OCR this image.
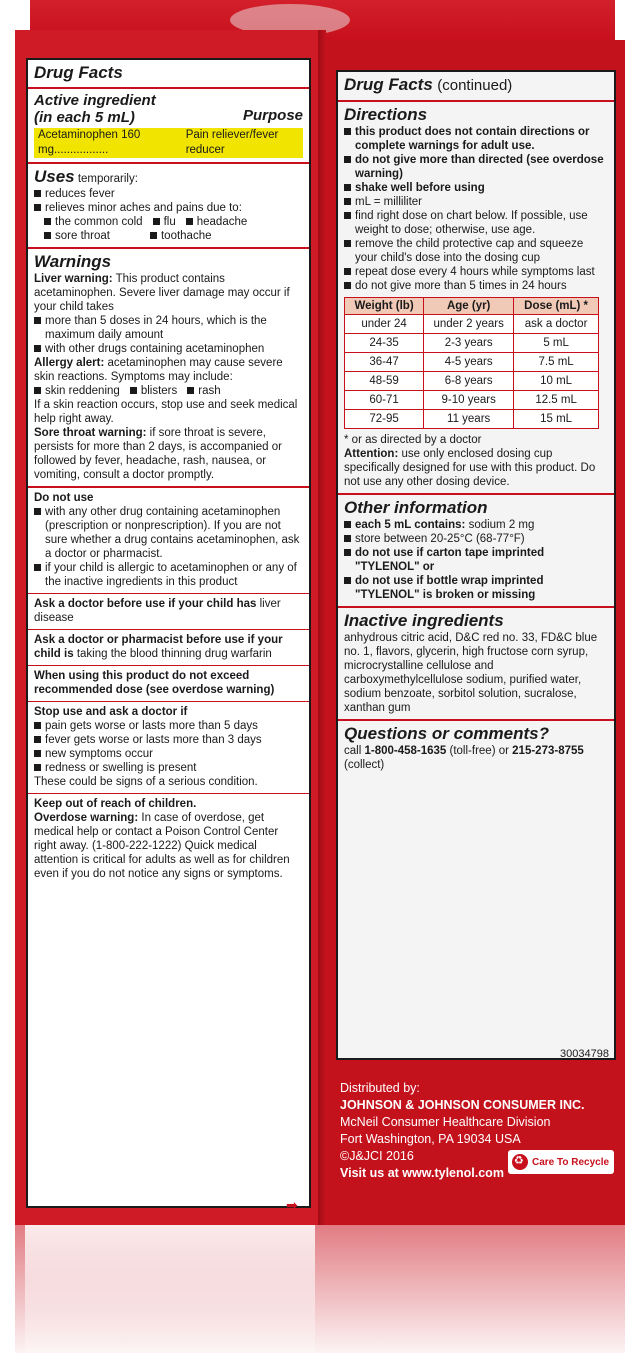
Drug Facts
Active ingredient
(in each 5 mL)	Purpose
Acetaminophen 160 mg.................
Pain reliever/fever reducer
Uses temporarily:
reduces fever
relieves minor aches and pains due to:
the common cold	flu	headache
sore throat	toothache
Warnings
Liver warning: This product contains acetaminophen. Severe liver damage may occur if your child takes
more than 5 doses in 24 hours, which is the maximum daily amount
with other drugs containing acetaminophen
Allergy alert: acetaminophen may cause severe skin reactions. Symptoms may include:
skin reddening	blisters	rash
If a skin reaction occurs, stop use and seek medical help right away.
Sore throat warning: if sore throat is severe, persists for more than 2 days, is accompanied or followed by fever, headache, rash, nausea, or vomiting, consult a doctor promptly.
Do not use
with any other drug containing acetaminophen (prescription or nonprescription). If you are not sure whether a drug contains acetaminophen, ask a doctor or pharmacist.
if your child is allergic to acetaminophen or any of the inactive ingredients in this product
Ask a doctor before use if your child has liver disease
Ask a doctor or pharmacist before use if your child is taking the blood thinning drug warfarin
When using this product do not exceed recommended dose (see overdose warning)
Stop use and ask a doctor if
pain gets worse or lasts more than 5 days
fever gets worse or lasts more than 3 days
new symptoms occur
redness or swelling is present
These could be signs of a serious condition.
Keep out of reach of children.
Overdose warning: In case of overdose, get medical help or contact a Poison Control Center right away. (1-800-222-1222) Quick medical attention is critical for adults as well as for children even if you do not notice any signs or symptoms.
➡
Drug Facts (continued)
Directions
this product does not contain directions or complete warnings for adult use.
do not give more than directed (see overdose warning)
shake well before using
mL = milliliter
find right dose on chart below. If possible, use weight to dose; otherwise, use age.
remove the child protective cap and squeeze your child's dose into the dosing cup
repeat dose every 4 hours while symptoms last
do not give more than 5 times in 24 hours
Weight (lb)	Age (yr)	Dose (mL) *
under 24	under 2 years	ask a doctor
24-35	2-3 years	5 mL
36-47	4-5 years	7.5 mL
48-59	6-8 years	10 mL
60-71	9-10 years	12.5 mL
72-95	11 years	15 mL
* or as directed by a doctor
Attention: use only enclosed dosing cup specifically designed for use with this product. Do not use any other dosing device.
Other information
each 5 mL contains: sodium 2 mg
store between 20-25°C (68-77°F)
do not use if carton tape imprinted "TYLENOL" or
do not use if bottle wrap imprinted "TYLENOL" is broken or missing
Inactive ingredients
anhydrous citric acid, D&C red no. 33, FD&C blue no. 1, flavors, glycerin, high fructose corn syrup, microcrystalline cellulose and carboxymethylcellulose sodium, purified water, sodium benzoate, sorbitol solution, sucralose, xanthan gum
Questions or comments?
call 1-800-458-1635 (toll-free) or 215-273-8755 (collect)
30034798
Distributed by:
JOHNSON & JOHNSON CONSUMER INC.
McNeil Consumer Healthcare Division
Fort Washington, PA 19034 USA
©J&JCI 2016
Visit us at www.tylenol.com
♻
Care To Recycle
